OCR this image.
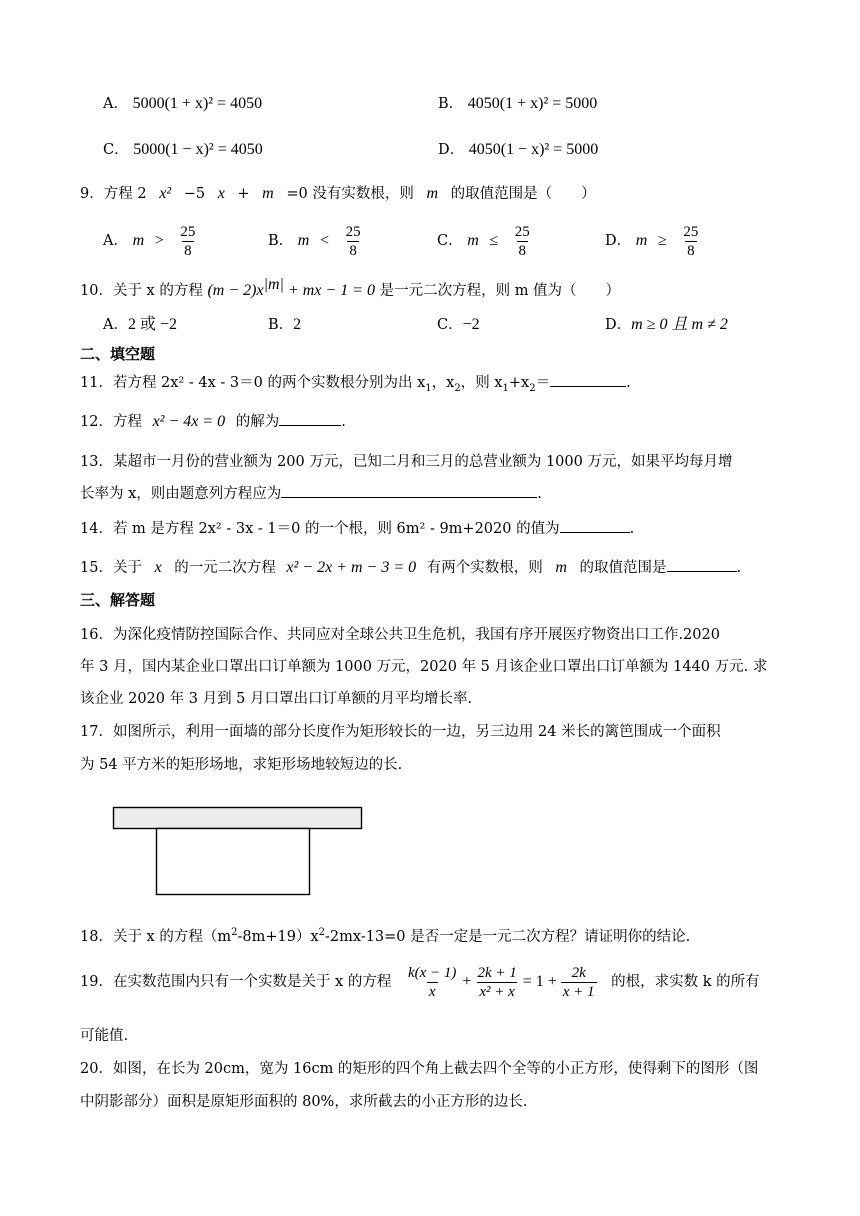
A． 5000(1 + x)² = 4050	B． 4050(1 + x)² = 5000
C． 5000(1 − x)² = 4050	D． 4050(1 − x)² = 5000
9．方程 2 x² −5 x + m =0 没有实数根，则 m 的取值范围是（　　）
A． $m > \frac{25}{8}$	B． $m < \frac{25}{8}$	C． $m \le \frac{25}{8}$	D． $m \ge \frac{25}{8}$
10．关于 x 的方程 $(m - 2)x^{|m|}$ + mx − 1 = 0 是一元二次方程，则 m 值为（　　）
A．2 或 −2	B．2	C．−2	D．m ≥ 0 且 m ≠ 2
二、填空题
11．若方程 2x² - 4x - 3＝0 的两个实数根分别为出 $x_1$，$x_2$，则 $x_1+x_2=$	.
12．方程 x² − 4x = 0 的解为	.
13．某超市一月份的营业额为 200 万元，已知二月和三月的总营业额为 1000 万元，如果平均每月增
长率为 x，则由题意列方程应为	.
14．若 m 是方程 2x² - 3x - 1＝0 的一个根，则 6m² - 9m+2020 的值为	.
15．关于 x 的一元二次方程 x² − 2x + m − 3 = 0 有两个实数根，则 m 的取值范围是	.
三、解答题
16．为深化疫情防控国际合作、共同应对全球公共卫生危机，我国有序开展医疗物资出口工作.2020
年 3 月，国内某企业口罩出口订单额为 1000 万元，2020 年 5 月该企业口罩出口订单额为 1440 万元. 求
该企业 2020 年 3 月到 5 月口罩出口订单额的月平均增长率.
17．如图所示，利用一面墙的部分长度作为矩形较长的一边，另三边用 24 米长的篱笆围成一个面积
为 54 平方米的矩形场地，求矩形场地较短边的长.
18．关于 x 的方程$(m^2-8m+19)x^2-2mx-13=0$ 是否一定是一元二次方程？请证明你的结论.
19．在实数范围内只有一个实数是关于 x 的方程 $\frac{k(x - 1)}{x} + \frac{2k + 1}{\text{x² + x}} = 1 + \frac{2k}{x + 1}$ 的根，求实数 k 的所有
可能值.
20．如图，在长为 20cm，宽为 16cm 的矩形的四个角上截去四个全等的小正方形，使得剩下的图形（图
中阴影部分）面积是原矩形面积的 80%，求所截去的小正方形的边长.
